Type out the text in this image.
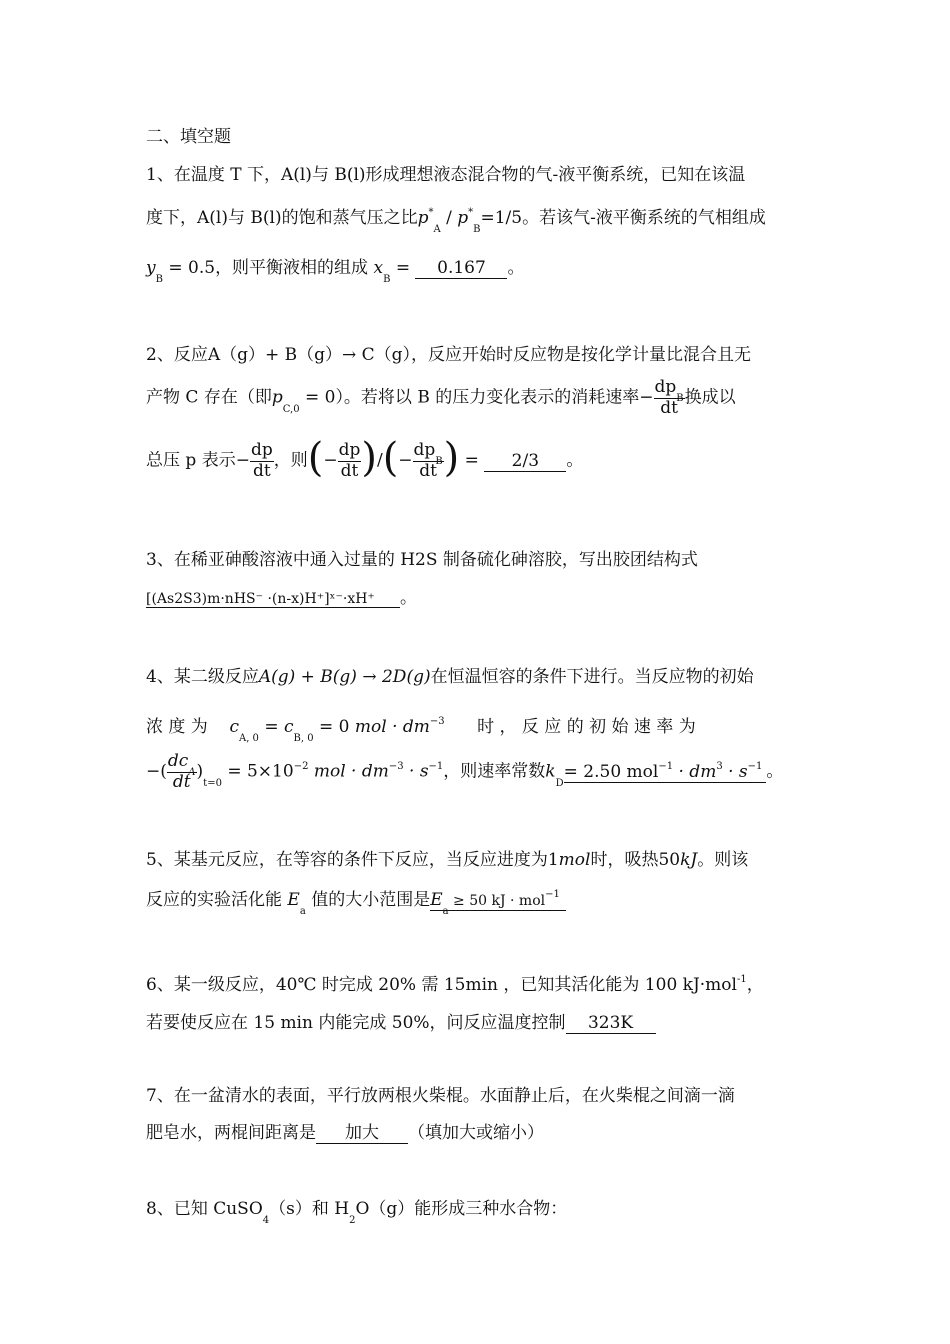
二、填空题
1、在温度 T 下，A(l)与 B(l)形成理想液态混合物的气-液平衡系统，已知在该温
度下，A(l)与 B(l)的饱和蒸气压之比$p^*_A / p^*_B=1/5$。若该气-液平衡系统的气相组成
$y_B = 0.5$，则平衡液相的组成 $x_B = 0.167$ 。
2、反应A（g）+ B（g）→ C（g），反应开始时反应物是按化学计量比混合且无
产物 C 存在（即$p_{C,0} = 0$）。若将以 B 的压力变化表示的消耗速率− $\frac{dp_B}{dt}$ 换成以
总压 p 表示− $\frac{dp}{dt}$ ，则(− $\frac{dp}{dt}$ )/(− $\frac{dp_B}{dt}$ ) = 2/3 。
3、在稀亚砷酸溶液中通入过量的 H2S 制备硫化砷溶胶，写出胶团结构式
[(As2S3)m·nHS⁻ ·(n-x)H⁺]ˣ⁻·xH⁺ 。
4、某二级反应A(g) + B(g) → 2D(g)在恒温恒容的条件下进行。当反应物的初始
浓 度 为 $c_{A, 0} = c_{B, 0} = 0$ mol · $dm^{-3}$ 时 ， 反 应 的 初 始 速 率 为
−( $\frac{dc_A}{dt} )_{t=0} = 5\times 10^{-2}$ mol · $dm^{-3} \cdot s^{-1}$，则速率常数$k_D= 2.50$ $mol^{-1} \cdot dm^3 \cdot s^{-1}$ 。
5、某基元反应，在等容的条件下反应，当反应进度为1mol时，吸热50kJ。则该
反应的实验活化能 $E_a$ 值的大小范围是$E_a \ge 50$ kJ · mol$^{-1}$
6、某一级反应，40℃ 时完成 20% 需 15min ，已知其活化能为 100 kJ·mol$^{-1}$，
若要使反应在 15 min 内能完成 50%，问反应温度控制 323K
7、在一盆清水的表面，平行放两根火柴棍。水面静止后，在火柴棍之间滴一滴
肥皂水，两棍间距离是 加大 （填加大或缩小）
8、已知 CuSO$_4$（s）和 $H_2O(g)$能形成三种水合物：
